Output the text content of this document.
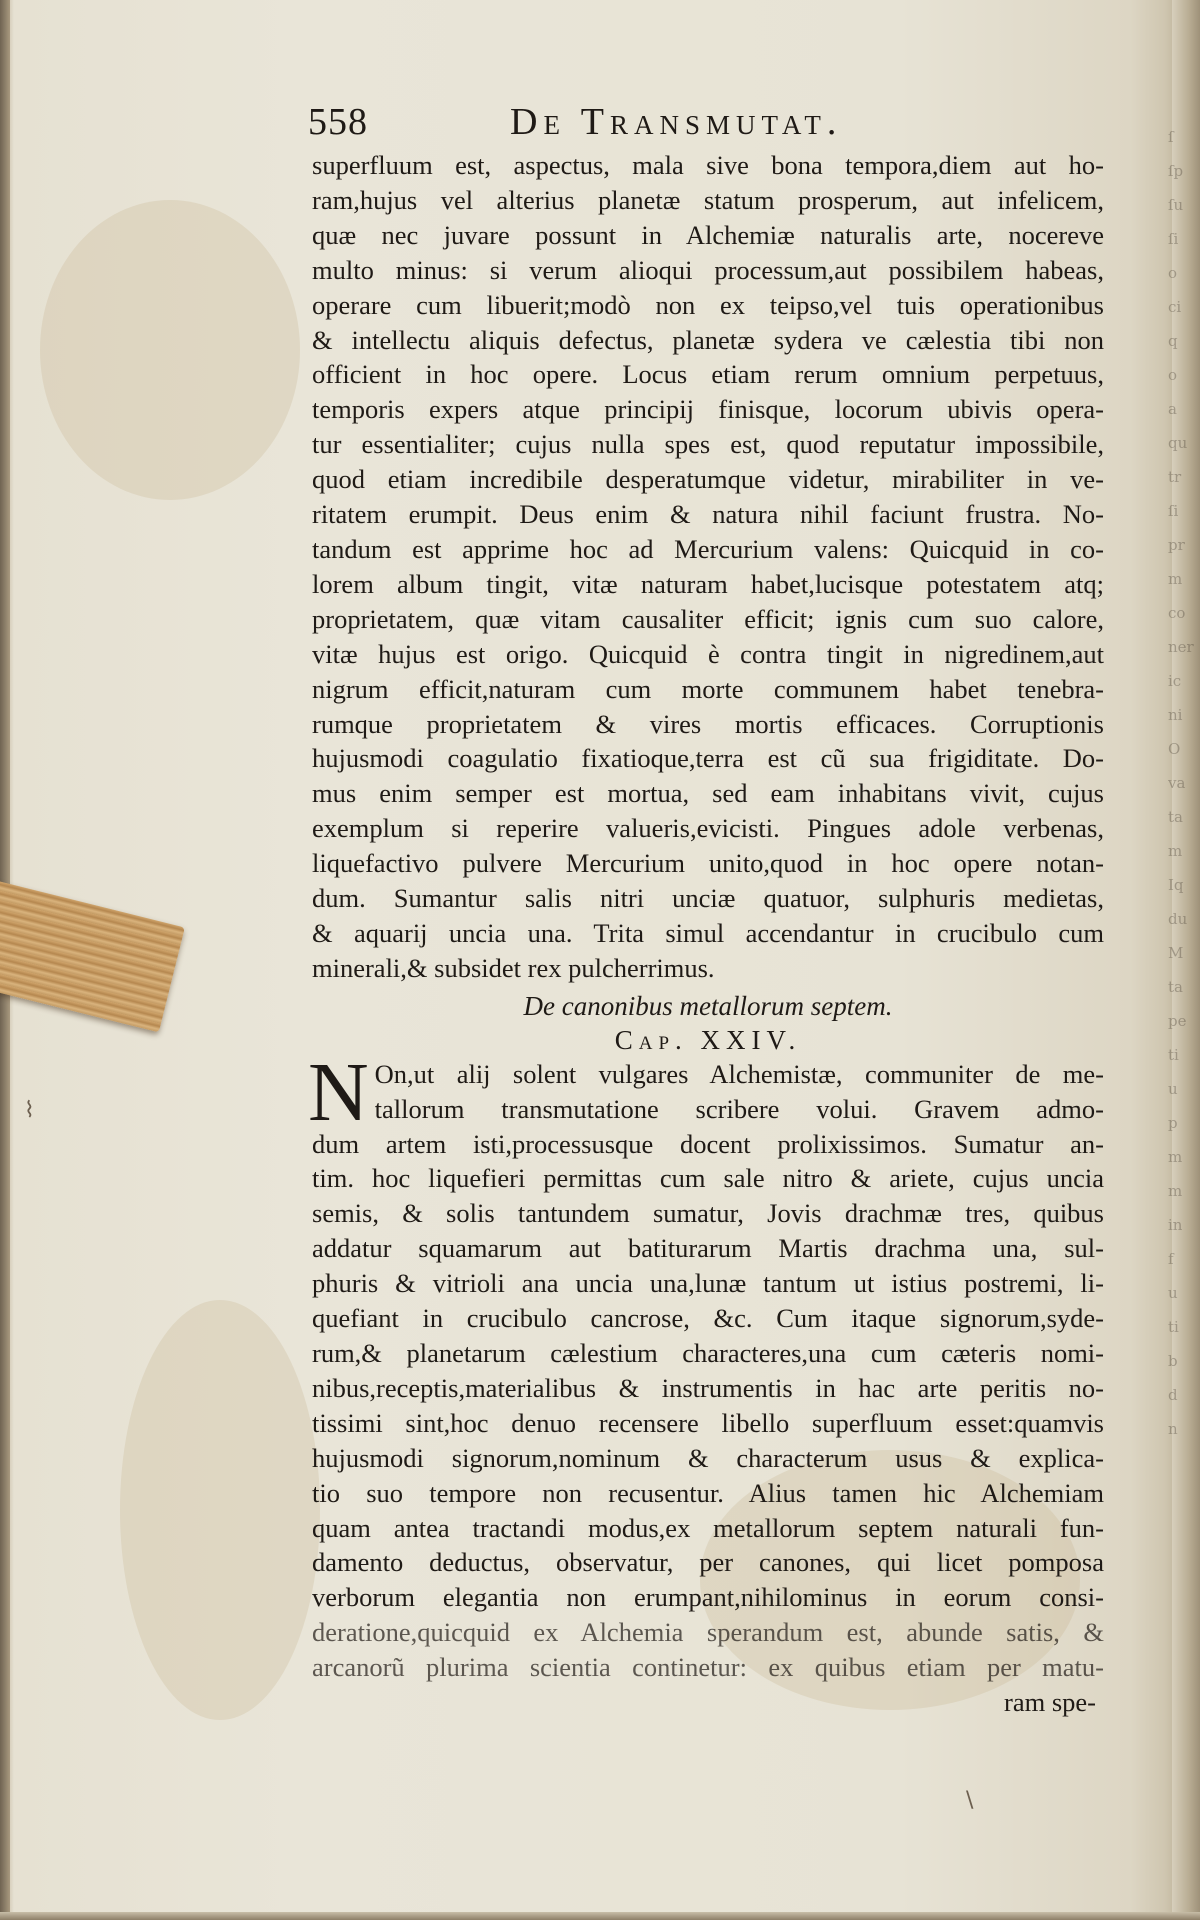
ſ
ſp
ſu
ſi
o
ci
q
o
a
qu
tr
ſi
pr
m
co
ner
ic
ni
O
va
ta
m
Iq
du
M
ta
pe
ti
u
p
m
m
in
f
u
ti
b
d
n
⌇
\
558	De Transmutat.
superfluum est, aspectus, mala sive bona tempora,diem aut ho-
ram,hujus vel alterius planetæ statum prosperum, aut infelicem,
quæ nec juvare possunt in Alchemiæ naturalis arte, nocereve
multo minus: si verum alioqui processum,aut possibilem habeas,
operare cum libuerit;modò non ex teipso,vel tuis operationibus
& intellectu aliquis defectus, planetæ sydera ve cælestia tibi non
officient in hoc opere. Locus etiam rerum omnium perpetuus,
temporis expers atque principij finisque, locorum ubivis opera-
tur essentialiter; cujus nulla spes est, quod reputatur impossibile,
quod etiam incredibile desperatumque videtur, mirabiliter in ve-
ritatem erumpit. Deus enim & natura nihil faciunt frustra. No-
tandum est apprime hoc ad Mercurium valens: Quicquid in co-
lorem album tingit, vitæ naturam habet,lucisque potestatem atq;
proprietatem, quæ vitam causaliter efficit; ignis cum suo calore,
vitæ hujus est origo. Quicquid è contra tingit in nigredinem,aut
nigrum efficit,naturam cum morte communem habet tenebra-
rumque proprietatem & vires mortis efficaces. Corruptionis
hujusmodi coagulatio fixatioque,terra est cũ sua frigiditate. Do-
mus enim semper est mortua, sed eam inhabitans vivit, cujus
exemplum si reperire valueris,evicisti. Pingues adole verbenas,
liquefactivo pulvere Mercurium unito,quod in hoc opere notan-
dum. Sumantur salis nitri unciæ quatuor, sulphuris medietas,
& aquarij uncia una. Trita simul accendantur in crucibulo cum
minerali,& subsidet rex pulcherrimus.
De canonibus metallorum septem.
Cap. XXIV.
N On,ut alij solent vulgares Alchemistæ, communiter de me-
tallorum transmutatione scribere volui. Gravem admo-
dum artem isti,processusque docent prolixissimos. Sumatur an-
tim. hoc liquefieri permittas cum sale nitro & ariete, cujus uncia
semis, & solis tantundem sumatur, Jovis drachmæ tres, quibus
addatur squamarum aut batiturarum Martis drachma una, sul-
phuris & vitrioli ana uncia una,lunæ tantum ut istius postremi, li-
quefiant in crucibulo cancrose, &c. Cum itaque signorum,syde-
rum,& planetarum cælestium characteres,una cum cæteris nomi-
nibus,receptis,materialibus & instrumentis in hac arte peritis no-
tissimi sint,hoc denuo recensere libello superfluum esset:quamvis
hujusmodi signorum,nominum & characterum usus & explica-
tio suo tempore non recusentur. Alius tamen hic Alchemiam
quam antea tractandi modus,ex metallorum septem naturali fun-
damento deductus, observatur, per canones, qui licet pomposa
verborum elegantia non erumpant,nihilominus in eorum consi-
deratione,quicquid ex Alchemia sperandum est, abunde satis, &
arcanorũ plurima scientia continetur: ex quibus etiam per matu-
ram spe-
